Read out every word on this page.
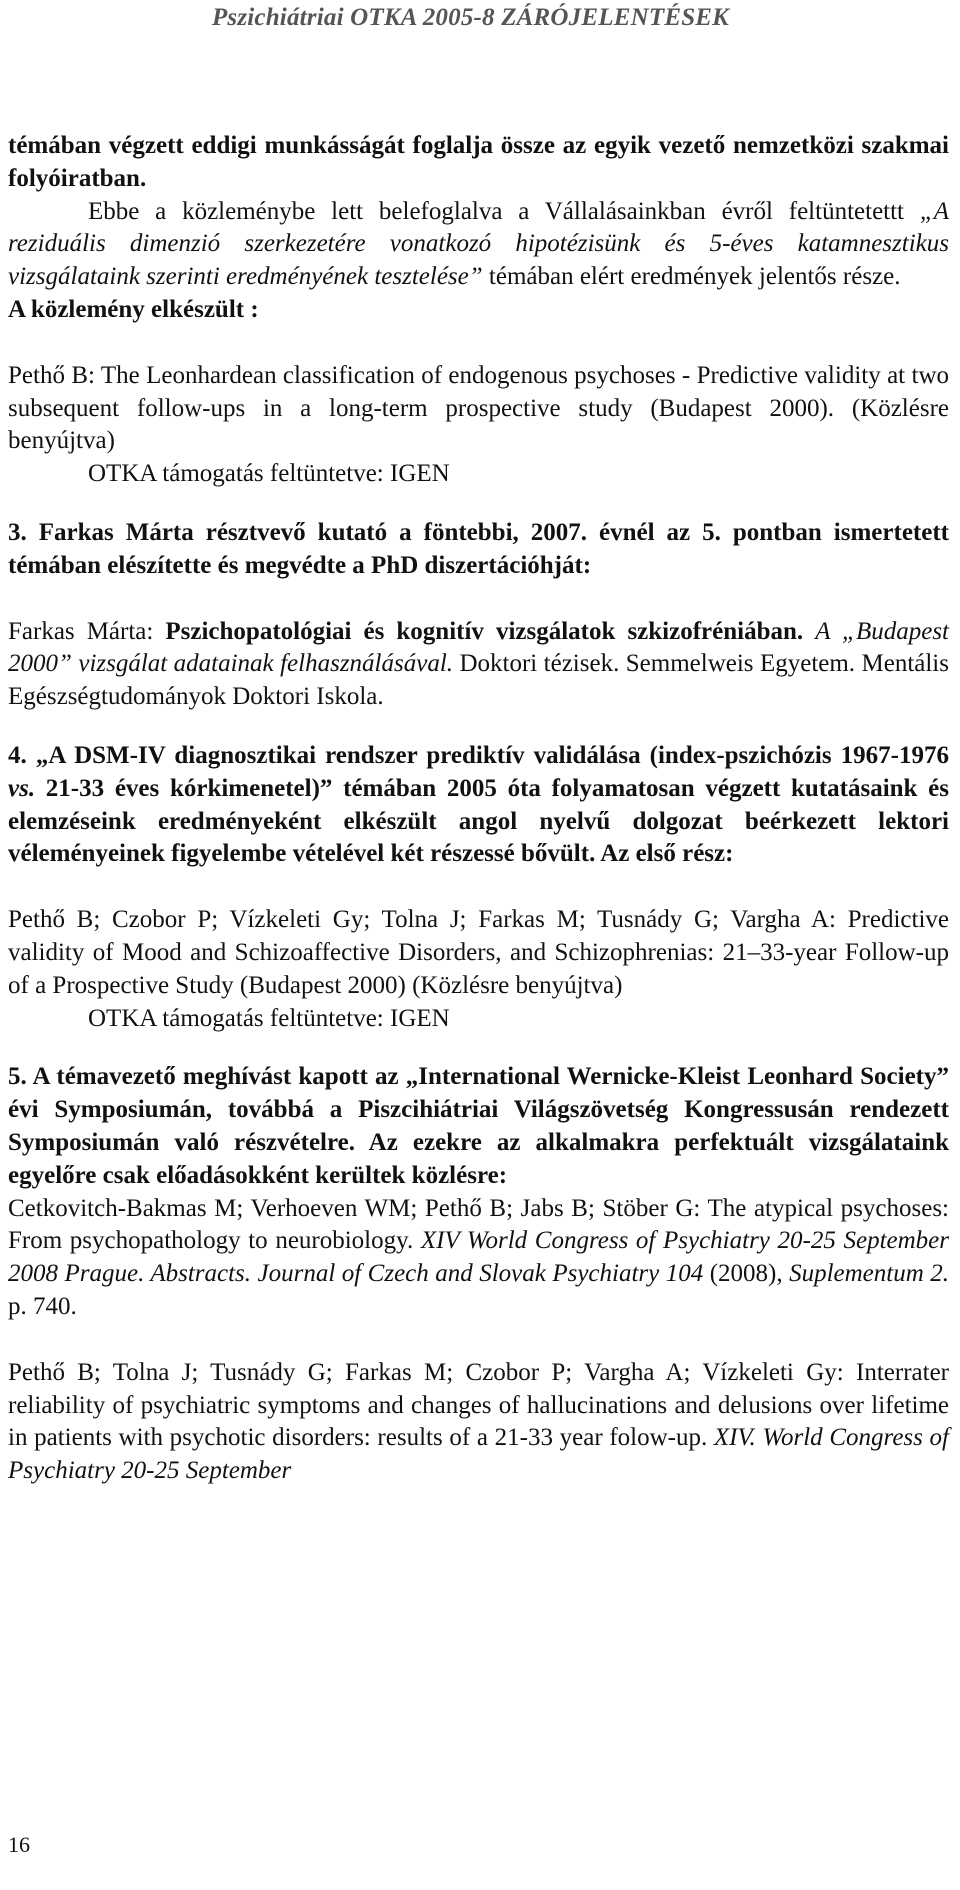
Pszichiátriai OTKA 2005-8 ZÁRÓJELENTÉSEK

témában végzett eddigi munkásságát foglalja össze az egyik vezető nemzetközi szakmai folyóiratban.

Ebbe a közleménybe lett belefoglalva a Vállalásainkban évről feltüntetettt „A reziduális dimenzió szerkezetére vonatkozó hipotézisünk és 5-éves katamnesztikus vizsgálataink szerinti eredményének tesztelése” témában elért eredmények jelentős része.

A közlemény elkészült :

Pethő B: The Leonhardean classification of endogenous psychoses - Predictive validity at two subsequent follow-ups in a long-term prospective study (Budapest 2000). (Közlésre benyújtva)

OTKA támogatás feltüntetve: IGEN

3. Farkas Márta résztvevő kutató a föntebbi, 2007. évnél az 5. pontban ismertetett témában elészítette és megvédte a PhD diszertációhját:

Farkas Márta: Pszichopatológiai és kognitív vizsgálatok szkizofréniában. A „Budapest 2000” vizsgálat adatainak felhasználásával. Doktori tézisek. Semmelweis Egyetem. Mentális Egészségtudományok Doktori Iskola.

4. „A DSM-IV diagnosztikai rendszer prediktív validálása (index-pszichózis 1967-1976 vs. 21-33 éves kórkimenetel)” témában 2005 óta folyamatosan végzett kutatásaink és elemzéseink eredményeként elkészült angol nyelvű dolgozat beérkezett lektori véleményeinek figyelembe vételével két részessé bővült. Az első rész:

Pethő B; Czobor P; Vízkeleti Gy; Tolna J; Farkas M; Tusnády G; Vargha A: Predictive validity of Mood and Schizoaffective Disorders, and Schizophrenias: 21–33-year Follow-up of a Prospective Study (Budapest 2000) (Közlésre benyújtva)

OTKA támogatás feltüntetve: IGEN

5. A témavezető meghívást kapott az „International Wernicke-Kleist Leonhard Society” évi Symposiumán, továbbá a Piszcihiátriai Világszövetség Kongressusán rendezett Symposiumán való részvételre. Az ezekre az alkalmakra perfektuált vizsgálataink egyelőre csak előadásokként kerültek közlésre:

Cetkovitch-Bakmas M; Verhoeven WM; Pethő B; Jabs B; Stöber G: The atypical psychoses: From psychopathology to neurobiology. XIV World Congress of Psychiatry 20-25 September 2008 Prague. Abstracts. Journal of Czech and Slovak Psychiatry 104 (2008), Suplementum 2. p. 740.

Pethő B; Tolna J; Tusnády G; Farkas M; Czobor P; Vargha A; Vízkeleti Gy: Interrater reliability of psychiatric symptoms and changes of hallucinations and delusions over lifetime in patients with psychotic disorders: results of a 21-33 year folow-up. XIV. World Congress of Psychiatry 20-25 September

16
